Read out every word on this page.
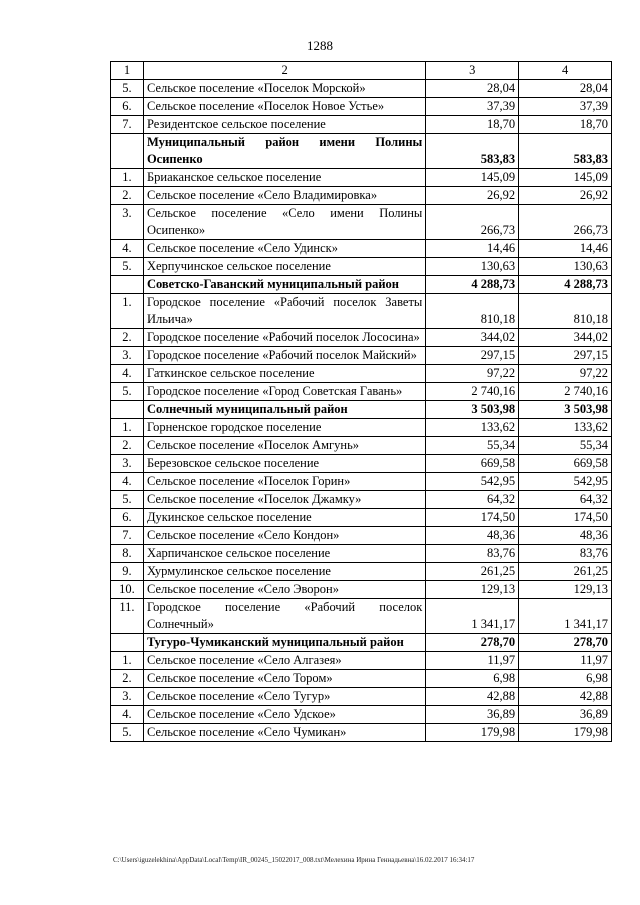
1288
1	2	3	4
5.	Сельское поселение «Поселок Морской»	28,04	28,04
6.	Сельское поселение «Поселок Новое Устье»	37,39	37,39
7.	Резидентское сельское поселение	18,70	18,70
	Муниципальный район имени Полины Осипенко	583,83	583,83
1.	Бриаканское сельское поселение	145,09	145,09
2.	Сельское поселение «Село Владимировка»	26,92	26,92
3.	Сельское поселение «Село имени Полины Осипенко»	266,73	266,73
4.	Сельское поселение «Село Удинск»	14,46	14,46
5.	Херпучинское сельское поселение	130,63	130,63
	Советско-Гаванский муниципальный район	4 288,73	4 288,73
1.	Городское поселение «Рабочий поселок Заветы Ильича»	810,18	810,18
2.	Городское поселение «Рабочий поселок Лососина»	344,02	344,02
3.	Городское поселение «Рабочий поселок Майский»	297,15	297,15
4.	Гаткинское сельское поселение	97,22	97,22
5.	Городское поселение «Город Советская Гавань»	2 740,16	2 740,16
	Солнечный муниципальный район	3 503,98	3 503,98
1.	Горненское городское поселение	133,62	133,62
2.	Сельское поселение «Поселок Амгунь»	55,34	55,34
3.	Березовское сельское поселение	669,58	669,58
4.	Сельское поселение «Поселок Горин»	542,95	542,95
5.	Сельское поселение «Поселок Джамку»	64,32	64,32
6.	Дукинское сельское поселение	174,50	174,50
7.	Сельское поселение «Село Кондон»	48,36	48,36
8.	Харпичанское сельское поселение	83,76	83,76
9.	Хурмулинское сельское поселение	261,25	261,25
10.	Сельское поселение «Село Эворон»	129,13	129,13
11.	Городское поселение «Рабочий поселок Солнечный»	1 341,17	1 341,17
	Тугуро-Чумиканский муниципальный район	278,70	278,70
1.	Сельское поселение «Село Алгазея»	11,97	11,97
2.	Сельское поселение «Село Тором»	6,98	6,98
3.	Сельское поселение «Село Тугур»	42,88	42,88
4.	Сельское поселение «Село Удское»	36,89	36,89
5.	Сельское поселение «Село Чумикан»	179,98	179,98
C:\Users\iguzelekhina\AppData\Local\Temp\IR_00245_15022017_008.txt\Мелехина Ирина Геннадьевна\16.02.2017 16:34:17
